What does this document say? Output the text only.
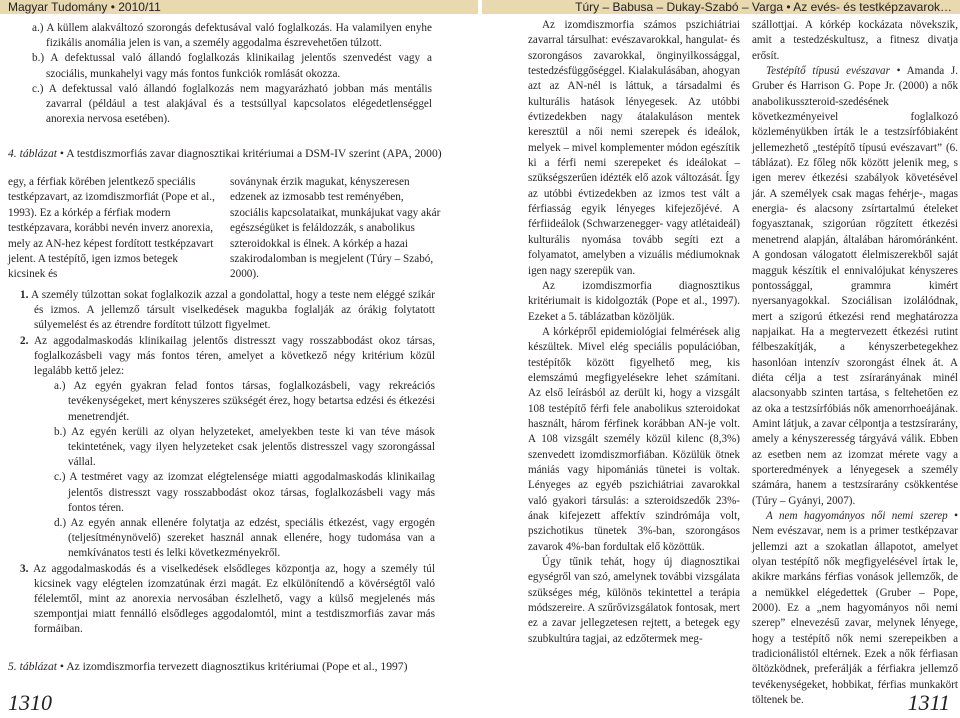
Magyar Tudomány • 2010/11	Túry – Babusa – Dukay-Szabó – Varga • Az evés- és testképzavarok…

a.) A küllem alakváltozó szorongás defektusával való foglalkozás. Ha valamilyen enyhe fizikális anomália jelen is van, a személy aggodalma észrevehetően túlzott.

b.) A defektussal való állandó foglalkozás klinikailag jelentős szenvedést vagy a szociális, munkahelyi vagy más fontos funkciók romlását okozza.

c.) A defektussal való állandó foglalkozás nem magyarázható jobban más mentális zavarral (például a test alakjával és a testsúllyal kapcsolatos elégedetlenséggel anorexia nervosa esetében).

4. táblázat • A testdiszmorfiás zavar diagnosztikai kritériumai a DSM-IV szerint (APA, 2000)

egy, a férfiak körében jelentkező speciális testképzavart, az izomdiszmorfiát (Pope et al., 1993). Ez a kórkép a férfiak modern testképzavara, korábbi nevén inverz anorexia, mely az AN-hez képest fordított testképzavart jelent. A testépítő, igen izmos betegek kicsinek és

soványnak érzik magukat, kényszeresen edzenek az izmosabb test reményében, szociális kapcsolataikat, munkájukat vagy akár egészségüket is feláldozzák, s anabolikus szteroidokkal is élnek. A kórkép a hazai szakirodalomban is megjelent (Túry – Szabó, 2000).

1. A személy túlzottan sokat foglalkozik azzal a gondolattal, hogy a teste nem eléggé szikár és izmos. A jellemző társult viselkedések magukba foglalják az órákig folytatott súlyemelést és az étrendre fordított túlzott figyelmet.

2. Az aggodalmaskodás klinikailag jelentős distresszt vagy rosszabbodást okoz társas, foglalkozásbeli vagy más fontos téren, amelyet a következő négy kritérium közül legalább kettő jelez:

a.) Az egyén gyakran felad fontos társas, foglalkozásbeli, vagy rekreációs tevékenységeket, mert kényszeres szükségét érez, hogy betartsa edzési és étkezési menetrendjét.

b.) Az egyén kerüli az olyan helyzeteket, amelyekben teste ki van téve mások tekintetének, vagy ilyen helyzeteket csak jelentős distresszel vagy szorongással vállal.

c.) A testméret vagy az izomzat elégtelensége miatti aggodalmaskodás klinikailag jelentős distresszt vagy rosszabbodást okoz társas, foglalkozásbeli vagy más fontos téren.

d.) Az egyén annak ellenére folytatja az edzést, speciális étkezést, vagy ergogén (teljesítménynövelő) szereket használ annak ellenére, hogy tudomása van a nemkívánatos testi és lelki következményekről.

3. Az aggodalmaskodás és a viselkedések elsődleges központja az, hogy a személy túl kicsinek vagy elégtelen izomzatúnak érzi magát. Ez elkülönítendő a kövérségtől való félelemtől, mint az anorexia nervosában észlelhető, vagy a külső megjelenés más szempontjai miatt fennálló elsődleges aggodalomtól, mint a testdiszmorfiás zavar más formáiban.

5. táblázat • Az izomdiszmorfia tervezett diagnosztikus kritériumai (Pope et al., 1997)
1310

Az izomdiszmorfia számos pszichiátriai zavarral társulhat: evészavarokkal, hangulat- és szorongásos zavarokkal, önginyilkossággal, testedzésfüggőséggel. Kialakulásában, ahogyan azt az AN-nél is láttuk, a társadalmi és kulturális hatások lényegesek. Az utóbbi évtizedekben nagy átalakuláson mentek keresztül a női nemi szerepek és ideálok, melyek – mivel komplementer módon egészítik ki a férfi nemi szerepeket és ideálokat – szükségszerűen idézték elő azok változását. Így az utóbbi évtizedekben az izmos test vált a férfiasság egyik lényeges kifejezőjévé. A férfiideálok (Schwarzenegger- vagy atlétaideál) kulturális nyomása tovább segíti ezt a folyamatot, amelyben a vizuális médiumoknak igen nagy szerepük van.

Az izomdiszmorfia diagnosztikus kritériumait is kidolgozták (Pope et al., 1997). Ezeket a 5. táblázatban közöljük.

A kórképről epidemiológiai felmérések alig készültek. Mivel elég speciális populációban, testépítők között figyelhető meg, kis elemszámú megfigyelésekre lehet számítani. Az első leírásból az derült ki, hogy a vizsgált 108 testépítő férfi fele anabolikus szteroidokat használt, három férfinek korábban AN-je volt. A 108 vizsgált személy közül kilenc (8,3%) szenvedett izomdiszmorfiában. Közülük ötnek mániás vagy hipomániás tünetei is voltak. Lényeges az egyéb pszichiátriai zavarokkal való gyakori társulás: a szteroidszedők 23%-ának kifejezett affektív szindrómája volt, pszichotikus tünetek 3%-ban, szorongásos zavarok 4%-ban fordultak elő közöttük.

Úgy tűnik tehát, hogy új diagnosztikai egységről van szó, amelynek további vizsgálata szükséges még, különös tekintettel a terápia módszereire. A szűrővizsgálatok fontosak, mert ez a zavar jellegzetesen rejtett, a betegek egy szubkultúra tagjai, az edzőtermek meg-

szállottjai. A kórkép kockázata növekszik, amit a testedzéskultusz, a fitnesz divatja erősít.

Testépítő típusú evészavar • Amanda J. Gruber és Harrison G. Pope Jr. (2000) a nők anabolikusszteroid-szedésének következményeivel foglalkozó közleményükben írták le a testzsírfóbiaként jellemezhető „testépítő típusú evészavart” (6. táblázat). Ez főleg nők között jelenik meg, s igen merev étkezési szabályok követésével jár. A személyek csak magas fehérje-, magas energia- és alacsony zsírtartalmú ételeket fogyasztanak, szigorúan rögzített étkezési menetrend alapján, általában háromóránként. A gondosan válogatott élelmiszerekből saját magguk készítik el ennivalójukat kényszeres pontossággal, grammra kimért nyersanyagokkal. Szociálisan izolálódnak, mert a szigorú étkezési rend meghatározza napjaikat. Ha a megtervezett étkezési rutint félbeszakítják, a kényszerbetegekhez hasonlóan intenzív szorongást élnek át. A diéta célja a test zsírarányának minél alacsonyabb szinten tartása, s feltehetően ez az oka a testzsírfóbiás nők amenorrhoeájának. Amint látjuk, a zavar célpontja a testzsírarány, amely a kényszeresség tárgyává válik. Ebben az esetben nem az izomzat mérete vagy a sporteredmények a lényegesek a személy számára, hanem a testzsírarány csökkentése (Túry – Gyányi, 2007).

A nem hagyományos női nemi szerep • Nem evészavar, nem is a primer testképzavar jellemzi azt a szokatlan állapotot, amelyet olyan testépítő nők megfigyelésével írtak le, akikre markáns férfias vonások jellemzők, de a nemükkel elégedettek (Gruber – Pope, 2000). Ez a „nem hagyományos női nemi szerep” elnevezésű zavar, melynek lényege, hogy a testépítő nők nemi szerepeikben a tradicionálistól eltérnek. Ezek a nők férfiasan öltözködnek, preferálják a férfiakra jellemző tevékenységeket, hobbikat, férfias munkakört töltenek be.	1311
